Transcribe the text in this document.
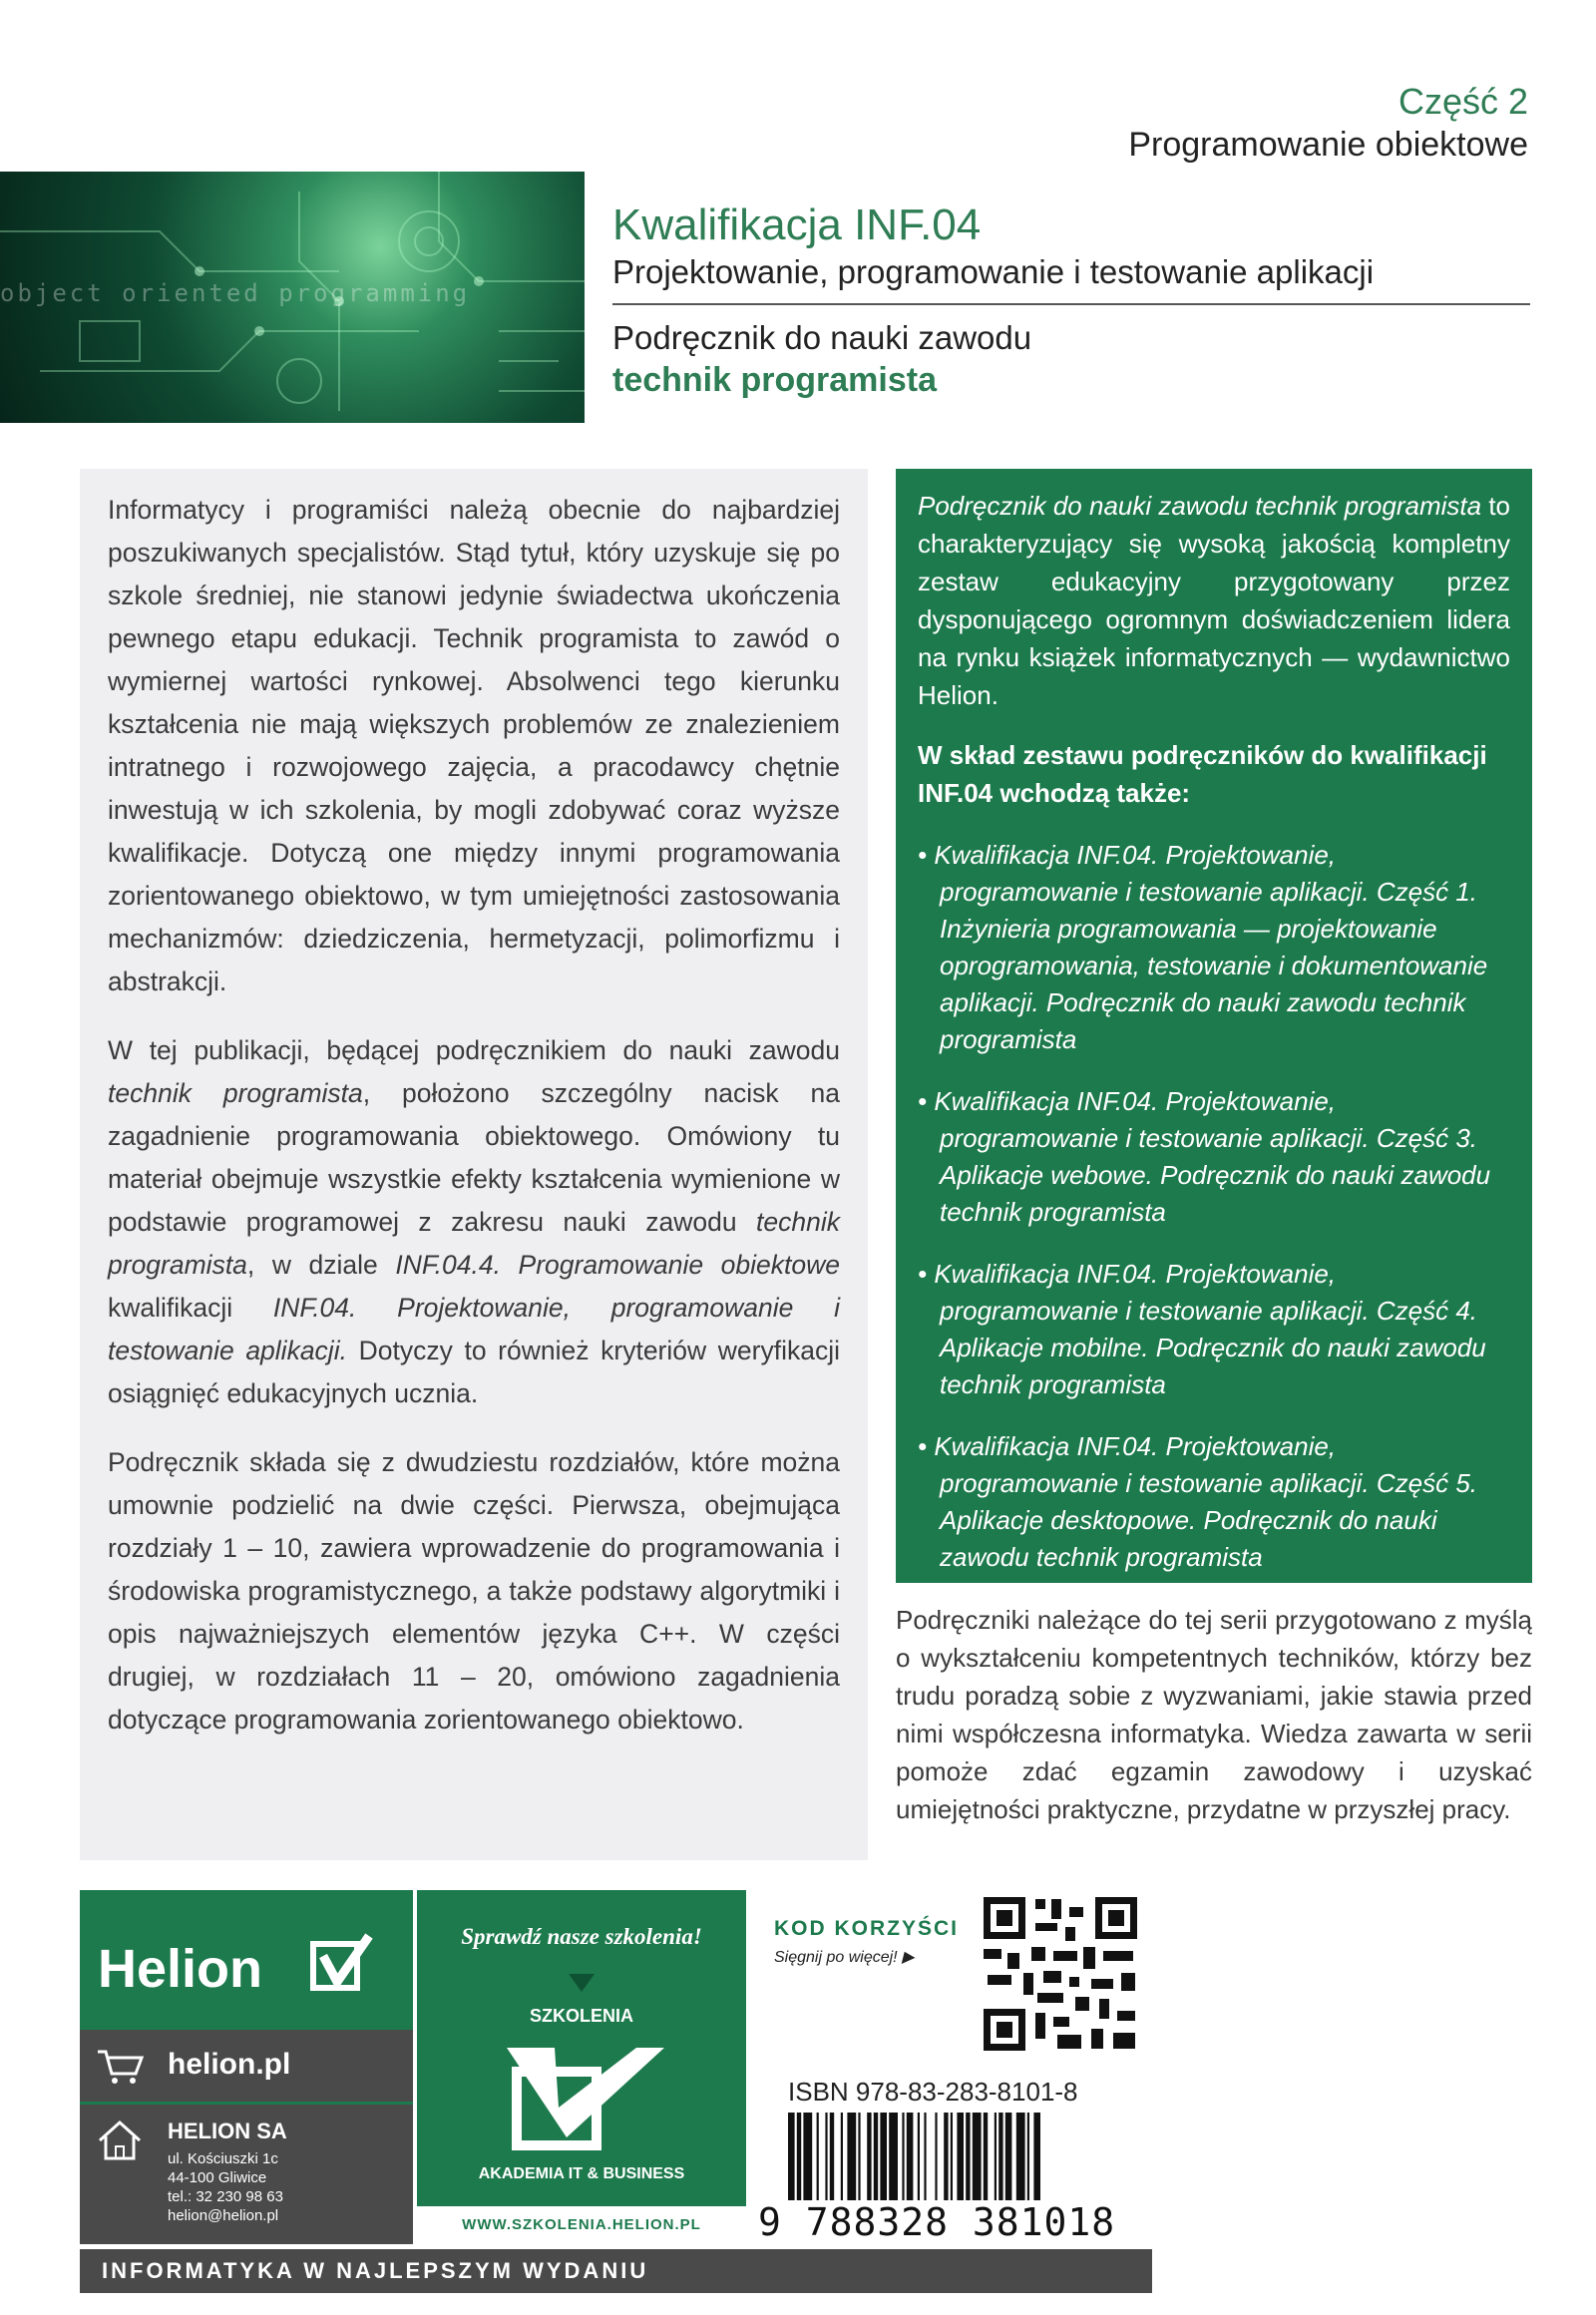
Część 2
Programowanie obiektowe
object oriented programming
Kwalifikacja INF.04
Projektowanie, programowanie i testowanie aplikacji
Podręcznik do nauki zawodu
technik programista

Informatycy i programiści należą obecnie do najbardziej poszukiwanych specjalistów. Stąd tytuł, który uzyskuje się po szkole średniej, nie stanowi jedynie świadectwa ukończenia pewnego etapu edukacji. Technik programista to zawód o wymiernej wartości rynkowej. Absolwenci tego kierunku kształcenia nie mają większych problemów ze znalezieniem intratnego i rozwojowego zajęcia, a pracodawcy chętnie inwestują w ich szkolenia, by mogli zdobywać coraz wyższe kwalifikacje. Dotyczą one między innymi programowania zorientowanego obiektowo, w tym umiejętności zastosowania mechanizmów: dziedziczenia, hermetyzacji, polimorfizmu i abstrakcji.

W tej publikacji, będącej podręcznikiem do nauki zawodu technik programista, położono szczególny nacisk na zagadnienie programowania obiektowego. Omówiony tu materiał obejmuje wszystkie efekty kształcenia wymienione w podstawie programowej z zakresu nauki zawodu technik programista, w dziale INF.04.4. Programowanie obiektowe kwalifikacji INF.04. Projektowanie, programowanie i testowanie aplikacji. Dotyczy to również kryteriów weryfikacji osiągnięć edukacyjnych ucznia.

Podręcznik składa się z dwudziestu rozdziałów, które można umownie podzielić na dwie części. Pierwsza, obejmująca rozdziały 1 – 10, zawiera wprowadzenie do programowania i środowiska programistycznego, a także podstawy algorytmiki i opis najważniejszych elementów języka C++. W części drugiej, w rozdziałach 11 – 20, omówiono zagadnienia dotyczące programowania zorientowanego obiektowo.

Podręcznik do nauki zawodu technik programista to charakteryzujący się wysoką jakością kompletny zestaw edukacyjny przygotowany przez dysponującego ogromnym doświadczeniem lidera na rynku książek informatycznych — wydawnictwo Helion.

W skład zestawu podręczników do kwalifikacji INF.04 wchodzą także:

• Kwalifikacja INF.04. Projektowanie, programowanie i testowanie aplikacji. Część 1. Inżynieria programowania — projektowanie oprogramowania, testowanie i dokumentowanie aplikacji. Podręcznik do nauki zawodu technik programista

• Kwalifikacja INF.04. Projektowanie, programowanie i testowanie aplikacji. Część 3. Aplikacje webowe. Podręcznik do nauki zawodu technik programista

• Kwalifikacja INF.04. Projektowanie, programowanie i testowanie aplikacji. Część 4. Aplikacje mobilne. Podręcznik do nauki zawodu technik programista

• Kwalifikacja INF.04. Projektowanie, programowanie i testowanie aplikacji. Część 5. Aplikacje desktopowe. Podręcznik do nauki zawodu technik programista

Podręczniki należące do tej serii przygotowano z myślą o wykształceniu kompetentnych techników, którzy bez trudu poradzą sobie z wyzwaniami, jakie stawia przed nimi współczesna informatyka. Wiedza zawarta w serii pomoże zdać egzamin zawodowy i uzyskać umiejętności praktyczne, przydatne w przyszłej pracy.

Helion
helion.pl
HELION SA
ul. Kościuszki 1c
44-100 Gliwice
tel.: 32 230 98 63
helion@helion.pl
Sprawdź nasze szkolenia!
SZKOLENIA
AKADEMIA IT & BUSINESS
WWW.SZKOLENIA.HELION.PL
INFORMATYKA W NAJLEPSZYM WYDANIU
KOD KORZYŚCI
Sięgnij po więcej! ▶
ISBN 978-83-283-8101-8
9 788328 381018
